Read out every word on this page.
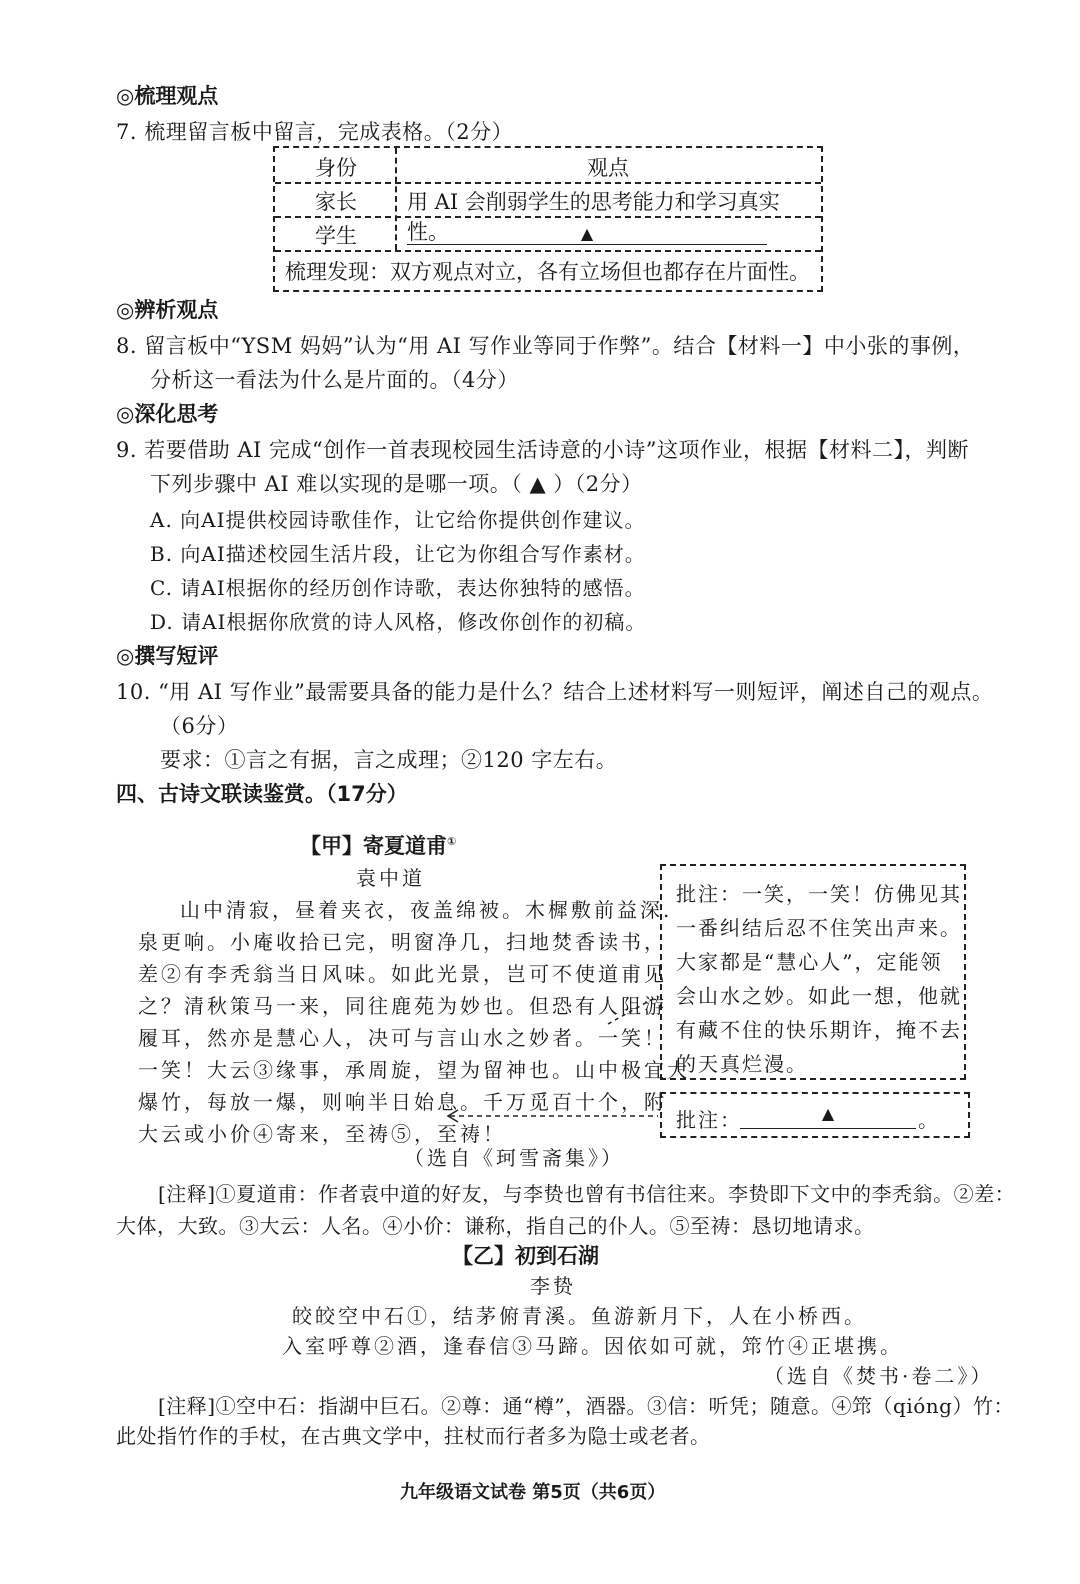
◎梳理观点
7. 梳理留言板中留言，完成表格。（2分）
身份	观点
家长 用 AI 会削弱学生的思考能力和学习真实性。
学生	▲
梳理发现：双方观点对立，各有立场但也都存在片面性。
◎辨析观点
8. 留言板中“YSM 妈妈”认为“用 AI 写作业等同于作弊”。结合【材料一】中小张的事例，
分析这一看法为什么是片面的。（4分）
◎深化思考
9. 若要借助 AI 完成“创作一首表现校园生活诗意的小诗”这项作业，根据【材料二】，判断
下列步骤中 AI 难以实现的是哪一项。（ ▲ ）（2分）
A. 向AI提供校园诗歌佳作，让它给你提供创作建议。
B. 向AI描述校园生活片段，让它为你组合写作素材。
C. 请AI根据你的经历创作诗歌，表达你独特的感悟。
D. 请AI根据你欣赏的诗人风格，修改你创作的初稿。
◎撰写短评
10. “用 AI 写作业”最需要具备的能力是什么？结合上述材料写一则短评，阐述自己的观点。
（6分）
要求：①言之有据，言之成理；②120 字左右。
四、古诗文联读鉴赏。（17分）
【甲】寄夏道甫①
袁中道
山中清寂，昼着夹衣，夜盖绵被。木樨敷前益深.
泉更响。小庵收拾已完，明窗净几，扫地焚香读书，
差②有李秃翁当日风味。如此光景，岂可不使道甫见
之？清秋策马一来，同往鹿苑为妙也。但恐有人阻游
履耳，然亦是慧心人，决可与言山水之妙者。一笑！
一笑！大云③缘事，承周旋，望为留神也。山中极宜大
爆竹，每放一爆，则响半日始息。千万觅百十个，附
大云或小价④寄来，至祷⑤，至祷！
（选自《珂雪斋集》）
批注：一笑，一笑！仿佛见其
一番纠结后忍不住笑出声来。
大家都是“慧心人”，定能领
会山水之妙。如此一想，他就
有藏不住的快乐期许，掩不去
的天真烂漫。
批注：	▲	。
[注释]①夏道甫：作者袁中道的好友，与李贽也曾有书信往来。李贽即下文中的李秃翁。②差：
大体，大致。③大云：人名。④小价：谦称，指自己的仆人。⑤至祷：恳切地请求。
【乙】初到石湖
李贽
皎皎空中石①，结茅俯青溪。鱼游新月下，人在小桥西。
入室呼尊②酒，逢春信③马蹄。因依如可就，筇竹④正堪携。
（选自《焚书·卷二》）
[注释]①空中石：指湖中巨石。②尊：通“樽”，酒器。③信：听凭；随意。④筇（qióng）竹：
此处指竹作的手杖，在古典文学中，拄杖而行者多为隐士或老者。
九年级语文试卷 第5页（共6页）
